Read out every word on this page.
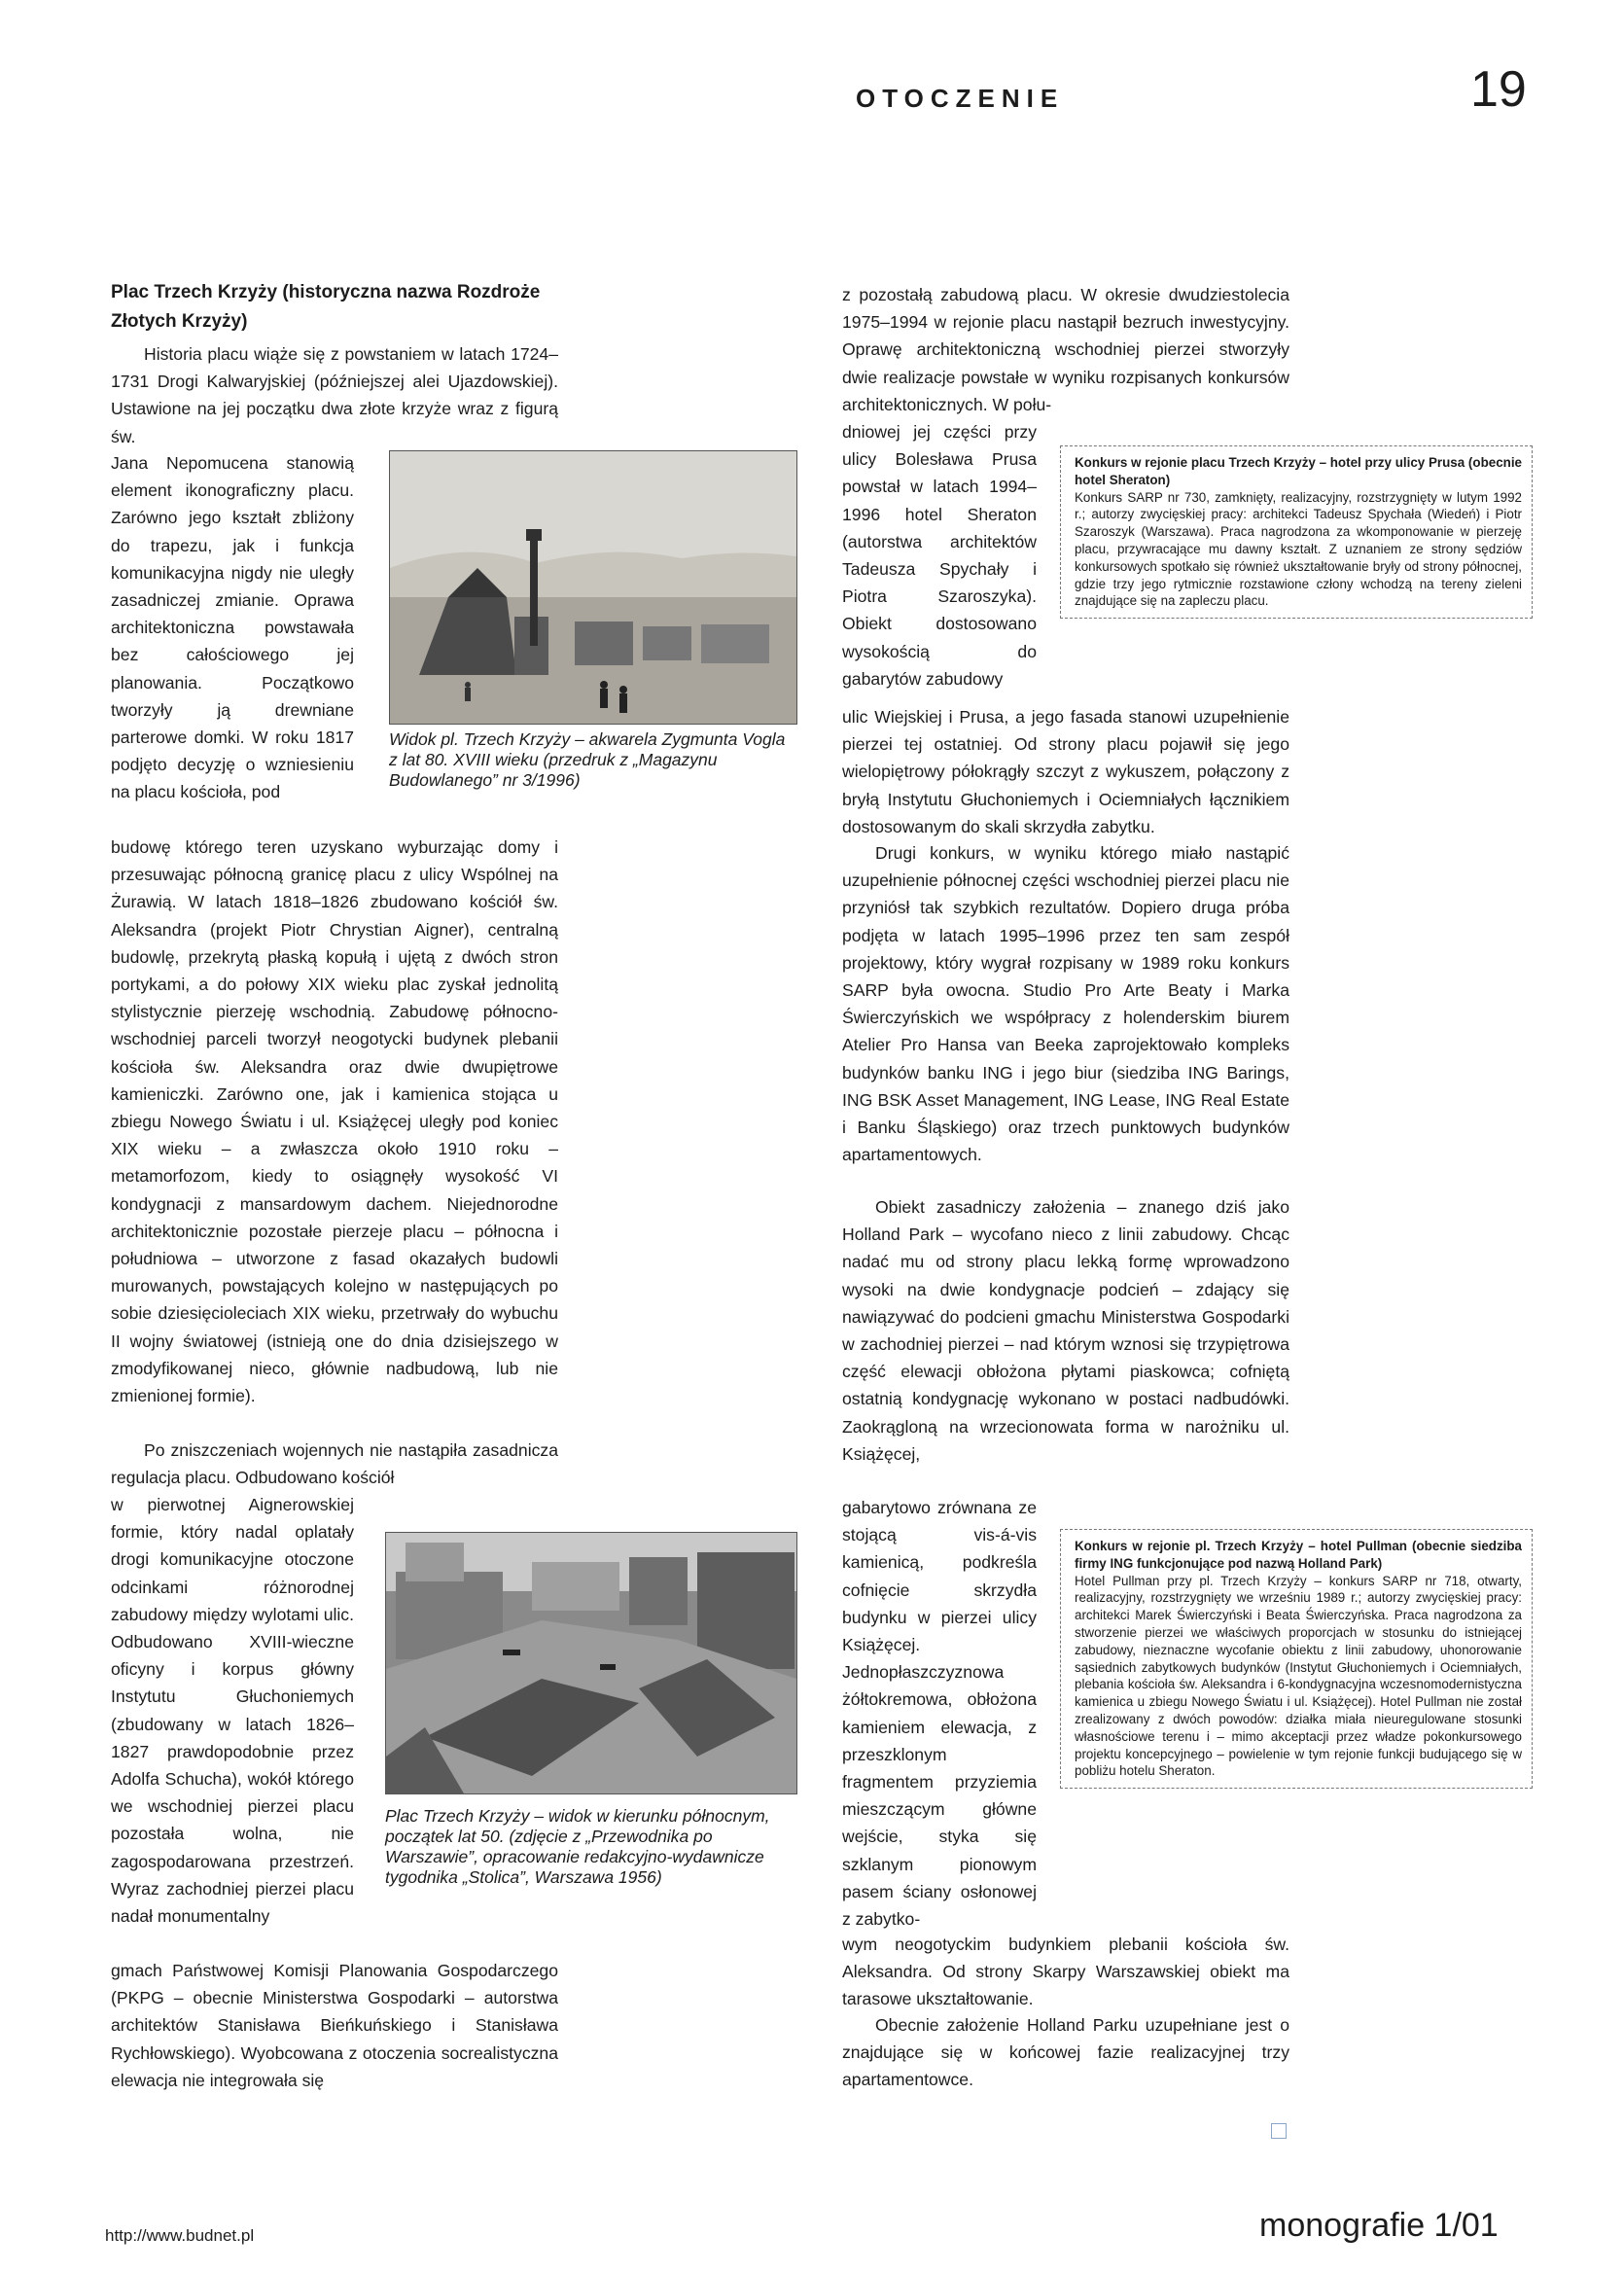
OTOCZENIE	19
Plac Trzech Krzyży (historyczna nazwa Rozdroże Złotych Krzyży)

Historia placu wiąże się z powstaniem w latach 1724–1731 Drogi Kalwaryjskiej (późniejszej alei Ujazdowskiej). Ustawione na jej początku dwa złote krzyże wraz z figurą św.

Jana Nepomucena stanowią element ikonograficzny placu. Zarówno jego kształt zbliżony do trapezu, jak i funkcja komunikacyjna nigdy nie uległy zasadniczej zmianie. Oprawa architektoniczna powstawała bez całościowego jej planowania. Początkowo tworzyły ją drewniane parterowe domki. W roku 1817 podjęto decyzję o wzniesieniu na placu kościoła, pod

budowę którego teren uzyskano wyburzając domy i przesuwając północną granicę placu z ulicy Wspólnej na Żurawią. W latach 1818–1826 zbudowano kościół św. Aleksandra (projekt Piotr Chrystian Aigner), centralną budowlę, przekrytą płaską kopułą i ujętą z dwóch stron portykami, a do połowy XIX wieku plac zyskał jednolitą stylistycznie pierzeję wschodnią. Zabudowę północno-wschodniej parceli tworzył neogotycki budynek plebanii kościoła św. Aleksandra oraz dwie dwupiętrowe kamieniczki. Zarówno one, jak i kamienica stojąca u zbiegu Nowego Światu i ul. Książęcej uległy pod koniec XIX wieku – a zwłaszcza około 1910 roku – metamorfozom, kiedy to osiągnęły wysokość VI kondygnacji z mansardowym dachem. Niejednorodne architektonicznie pozostałe pierzeje placu – północna i południowa – utworzone z fasad okazałych budowli murowanych, powstających kolejno w następujących po sobie dziesięcioleciach XIX wieku, przetrwały do wybuchu II wojny światowej (istnieją one do dnia dzisiejszego w zmodyfikowanej nieco, głównie nadbudową, lub nie zmienionej formie).

Po zniszczeniach wojennych nie nastąpiła zasadnicza regulacja placu. Odbudowano kościół

w pierwotnej Aignerowskiej formie, który nadal oplatały drogi komunikacyjne otoczone odcinkami różnorodnej zabudowy między wylotami ulic. Odbudowano XVIII-wieczne oficyny i korpus główny Instytutu Głuchoniemych (zbudowany w latach 1826–1827 prawdopodobnie przez Adolfa Schucha), wokół którego we wschodniej pierzei placu pozostała wolna, nie zagospodarowana przestrzeń. Wyraz zachodniej pierzei placu nadał monumentalny

gmach Państwowej Komisji Planowania Gospodarczego (PKPG – obecnie Ministerstwa Gospodarki – autorstwa architektów Stanisława Bieńkuńskiego i Stanisława Rychłowskiego). Wyobcowana z otoczenia socrealistyczna elewacja nie integrowała się

Widok pl. Trzech Krzyży – akwarela Zygmunta Vogla z lat 80. XVIII wieku (przedruk z „Magazynu Budowlanego” nr 3/1996)

Plac Trzech Krzyży – widok w kierunku północnym, początek lat 50. (zdjęcie z „Przewodnika po Warszawie”, opracowanie redakcyjno-wydawnicze tygodnika „Stolica”, Warszawa 1956)

z pozostałą zabudową placu. W okresie dwudziestolecia 1975–1994 w rejonie placu nastąpił bezruch inwestycyjny. Oprawę architektoniczną wschodniej pierzei stworzyły dwie realizacje powstałe w wyniku rozpisanych konkursów architektonicznych. W połu-

dniowej jej części przy ulicy Bolesława Prusa powstał w latach 1994–1996 hotel Sheraton (autorstwa architektów Tadeusza Spychały i Piotra Szaroszyka). Obiekt dostosowano wysokością do gabarytów zabudowy

ulic Wiejskiej i Prusa, a jego fasada stanowi uzupełnienie pierzei tej ostatniej. Od strony placu pojawił się jego wielopiętrowy półokrągły szczyt z wykuszem, połączony z bryłą Instytutu Głuchoniemych i Ociemniałych łącznikiem dostosowanym do skali skrzydła zabytku.

Drugi konkurs, w wyniku którego miało nastąpić uzupełnienie północnej części wschodniej pierzei placu nie przyniósł tak szybkich rezultatów. Dopiero druga próba podjęta w latach 1995–1996 przez ten sam zespół projektowy, który wygrał rozpisany w 1989 roku konkurs SARP była owocna. Studio Pro Arte Beaty i Marka Świerczyńskich we współpracy z holenderskim biurem Atelier Pro Hansa van Beeka zaprojektowało kompleks budynków banku ING i jego biur (siedziba ING Barings, ING BSK Asset Management, ING Lease, ING Real Estate i Banku Śląskiego) oraz trzech punktowych budynków apartamentowych.

Obiekt zasadniczy założenia – znanego dziś jako Holland Park – wycofano nieco z linii zabudowy. Chcąc nadać mu od strony placu lekką formę wprowadzono wysoki na dwie kondygnacje podcień – zdający się nawiązywać do podcieni gmachu Ministerstwa Gospodarki w zachodniej pierzei – nad którym wznosi się trzypiętrowa część elewacji obłożona płytami piaskowca; cofniętą ostatnią kondygnację wykonano w postaci nadbudówki. Zaokrągloną na wrzecionowata forma w narożniku ul. Książęcej,

gabarytowo zrównana ze stojącą vis-á-vis kamienicą, podkreśla cofnięcie skrzydła budynku w pierzei ulicy Książęcej. Jednopłaszczyznowa żółtokremowa, obłożona kamieniem elewacja, z przeszklonym fragmentem przyziemia mieszczącym główne wejście, styka się szklanym pionowym pasem ściany osłonowej z zabytko-

wym neogotyckim budynkiem plebanii kościoła św. Aleksandra. Od strony Skarpy Warszawskiej obiekt ma tarasowe ukształtowanie.

Obecnie założenie Holland Parku uzupełniane jest o znajdujące się w końcowej fazie realizacyjnej trzy apartamentowce.

Konkurs w rejonie placu Trzech Krzyży – hotel przy ulicy Prusa (obecnie hotel Sheraton)
Konkurs SARP nr 730, zamknięty, realizacyjny, rozstrzygnięty w lutym 1992 r.; autorzy zwycięskiej pracy: architekci Tadeusz Spychała (Wiedeń) i Piotr Szaroszyk (Warszawa). Praca nagrodzona za wkomponowanie w pierzeję placu, przywracające mu dawny kształt. Z uznaniem ze strony sędziów konkursowych spotkało się również ukształtowanie bryły od strony północnej, gdzie trzy jego rytmicznie rozstawione człony wchodzą na tereny zieleni znajdujące się na zapleczu placu.
Konkurs w rejonie pl. Trzech Krzyży – hotel Pullman (obecnie siedziba firmy ING funkcjonujące pod nazwą Holland Park)
Hotel Pullman przy pl. Trzech Krzyży – konkurs SARP nr 718, otwarty, realizacyjny, rozstrzygnięty we wrześniu 1989 r.; autorzy zwycięskiej pracy: architekci Marek Świerczyński i Beata Świerczyńska. Praca nagrodzona za stworzenie pierzei we właściwych proporcjach w stosunku do istniejącej zabudowy, nieznaczne wycofanie obiektu z linii zabudowy, uhonorowanie sąsiednich zabytkowych budynków (Instytut Głuchoniemych i Ociemniałych, plebania kościoła św. Aleksandra i 6-kondygnacyjna wczesnomodernistyczna kamienica u zbiegu Nowego Światu i ul. Książęcej). Hotel Pullman nie został zrealizowany z dwóch powodów: działka miała nieuregulowane stosunki własnościowe terenu i – mimo akceptacji przez władze pokonkursowego projektu koncepcyjnego – powielenie w tym rejonie funkcji budującego się w pobliżu hotelu Sheraton.
http://www.budnet.pl	monografie 1/01
